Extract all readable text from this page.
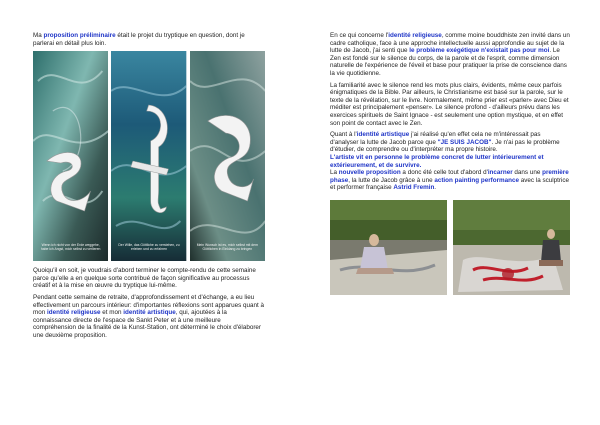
Ma proposition préliminaire était le projet du tryptique en question, dont je parlerai en détail plus loin.

Wenn ich nicht von der Erde weggehe, habe ich Angst, mich selbst zu verlieren
Der Wille, das Göttliche zu verstehen, zu erleben und zu erfahren
Mein Wunsch ist es, mich selbst mit dem Göttlichen in Einklang zu bringen

Quoiqu'il en soit, je voudrais d'abord terminer le compte-rendu de cette semaine parce qu'elle a en quelque sorte contribué de façon significative au processus créatif et à la mise en œuvre du tryptique lui-même.

Pendant cette semaine de retraite, d'approfondissement et d'échange, a eu lieu effectivement un parcours intérieur: d'importantes réflexions sont apparues quant à mon identité religieuse et mon identité artistique, qui, ajoutées à la connaissance directe de l'espace de Sankt Peter et à une meilleure compréhension de la finalité de la Kunst-Station, ont déterminé le choix d'élaborer une deuxième proposition.

En ce qui concerne l'identité religieuse, comme moine bouddhiste zen invité dans un cadre catholique, face à une approche intellectuelle aussi approfondie au sujet de la lutte de Jacob, j'ai senti que le problème exégétique n'existait pas pour moi. Le Zen est fondé sur le silence du corps, de la parole et de l'esprit, comme dimension naturelle de l'expérience de l'éveil et base pour pratiquer la prise de conscience dans la vie quotidienne.

La familiarité avec le silence rend les mots plus clairs, évidents, même ceux parfois énigmatiques de la Bible. Par ailleurs, le Christianisme est basé sur la parole, sur le texte de la révélation, sur le livre. Normalement, même prier est «parler» avec Dieu et méditer est principalement «penser». Le silence profond - d'ailleurs prévu dans les exercices spirituels de Saint Ignace - est seulement une option mystique, et en effet son point de contact avec le Zen.

Quant à l'identité artistique j'ai réalisé qu'en effet cela ne m'intéressait pas d'analyser la lutte de Jacob parce que "JE SUIS JACOB". Je n'ai pas le problème d'étudier, de comprendre ou d'interpréter ma propre histoire.
L'artiste vit en personne le problème concret de lutter intérieurement et extérieurement, et de survivre.
La nouvelle proposition a donc été celle tout d'abord d'incarner dans une première phase, la lutte de Jacob grâce à une action painting performance avec la sculptrice et performer française Astrid Fremin.
